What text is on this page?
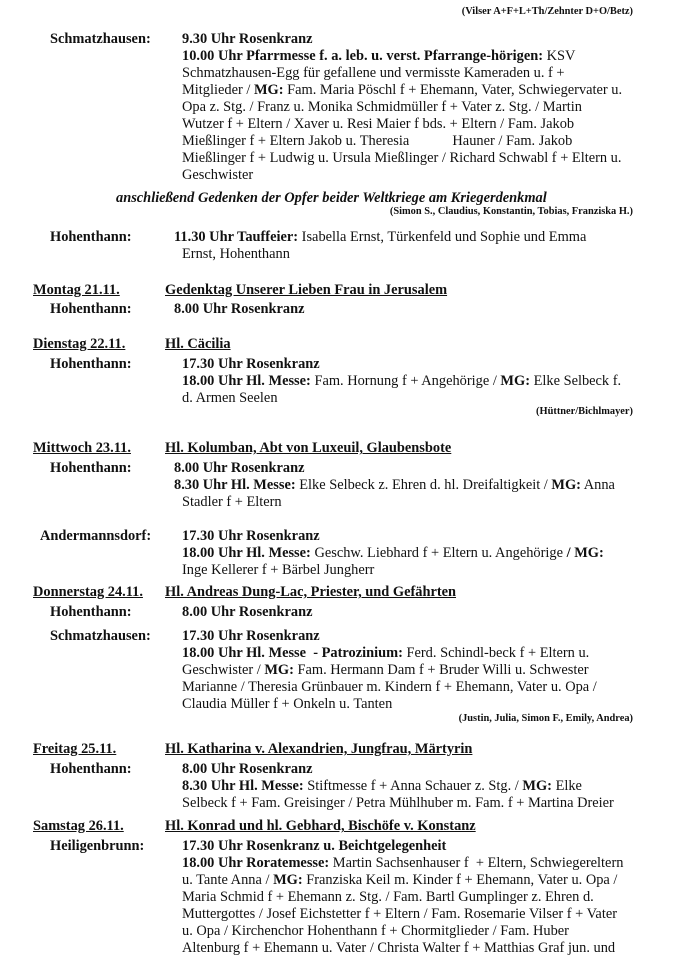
(Vilser A+F+L+Th/Zehnter D+O/Betz)
Schmatzhausen: 9.30 Uhr Rosenkranz
10.00 Uhr Pfarrmesse f. a. leb. u. verst. Pfarrange-hörigen: KSV
Schmatzhausen-Egg für gefallene und vermisste Kameraden u. f +
Mitglieder / MG: Fam. Maria Pöschl f + Ehemann, Vater, Schwiegervater u.
Opa z. Stg. / Franz u. Monika Schmidmüller f + Vater z. Stg. / Martin
Wutzer f + Eltern / Xaver u. Resi Maier f bds. + Eltern / Fam. Jakob
Mießlinger f + Eltern Jakob u. Theresia            Hauner / Fam. Jakob
Mießlinger f + Ludwig u. Ursula Mießlinger / Richard Schwabl f + Eltern u.
Geschwister
anschließend Gedenken der Opfer beider Weltkriege am Kriegerdenkmal
(Simon S., Claudius, Konstantin, Tobias, Franziska H.)
Hohenthann:	11.30 Uhr Tauffeier: Isabella Ernst, Türkenfeld und Sophie und Emma
Ernst, Hohenthann
Montag 21.11.	Gedenktag Unserer Lieben Frau in Jerusalem
Hohenthann:	8.00 Uhr Rosenkranz
Dienstag 22.11.	Hl. Cäcilia
Hohenthann:	17.30 Uhr Rosenkranz
18.00 Uhr Hl. Messe: Fam. Hornung f + Angehörige / MG: Elke Selbeck f.
d. Armen Seelen
(Hüttner/Bichlmayer)
Mittwoch 23.11. Hl. Kolumban, Abt von Luxeuil, Glaubensbote
Hohenthann:	8.00 Uhr Rosenkranz
8.30 Uhr Hl. Messe: Elke Selbeck z. Ehren d. hl. Dreifaltigkeit / MG: Anna
Stadler f + Eltern
Andermannsdorf: 17.30 Uhr Rosenkranz
18.00 Uhr Hl. Messe: Geschw. Liebhard f + Eltern u. Angehörige / MG:
Inge Kellerer f + Bärbel Jungherr
Donnerstag 24.11. Hl. Andreas Dung-Lac, Priester, und Gefährten
Hohenthann:	8.00 Uhr Rosenkranz
Schmatzhausen: 17.30 Uhr Rosenkranz
18.00 Uhr Hl. Messe  - Patrozinium: Ferd. Schindl-beck f + Eltern u.
Geschwister / MG: Fam. Hermann Dam f + Bruder Willi u. Schwester
Marianne / Theresia Grünbauer m. Kindern f + Ehemann, Vater u. Opa /
Claudia Müller f + Onkeln u. Tanten
(Justin, Julia, Simon F., Emily, Andrea)
Freitag 25.11.	Hl. Katharina v. Alexandrien, Jungfrau, Märtyrin
Hohenthann:	8.00 Uhr Rosenkranz
8.30 Uhr Hl. Messe: Stiftmesse f + Anna Schauer z. Stg. / MG: Elke
Selbeck f + Fam. Greisinger / Petra Mühlhuber m. Fam. f + Martina Dreier
Samstag 26.11.	Hl. Konrad und hl. Gebhard, Bischöfe v. Konstanz
Heiligenbrunn:	17.30 Uhr Rosenkranz u. Beichtgelegenheit
18.00 Uhr Roratemesse: Martin Sachsenhauser f  + Eltern, Schwiegereltern
u. Tante Anna / MG: Franziska Keil m. Kinder f + Ehemann, Vater u. Opa /
Maria Schmid f + Ehemann z. Stg. / Fam. Bartl Gumplinger z. Ehren d.
Muttergottes / Josef Eichstetter f + Eltern / Fam. Rosemarie Vilser f + Vater
u. Opa / Kirchenchor Hohenthann f + Chormitglieder / Fam. Huber
Altenburg f + Ehemann u. Vater / Christa Walter f + Matthias Graf jun. und
